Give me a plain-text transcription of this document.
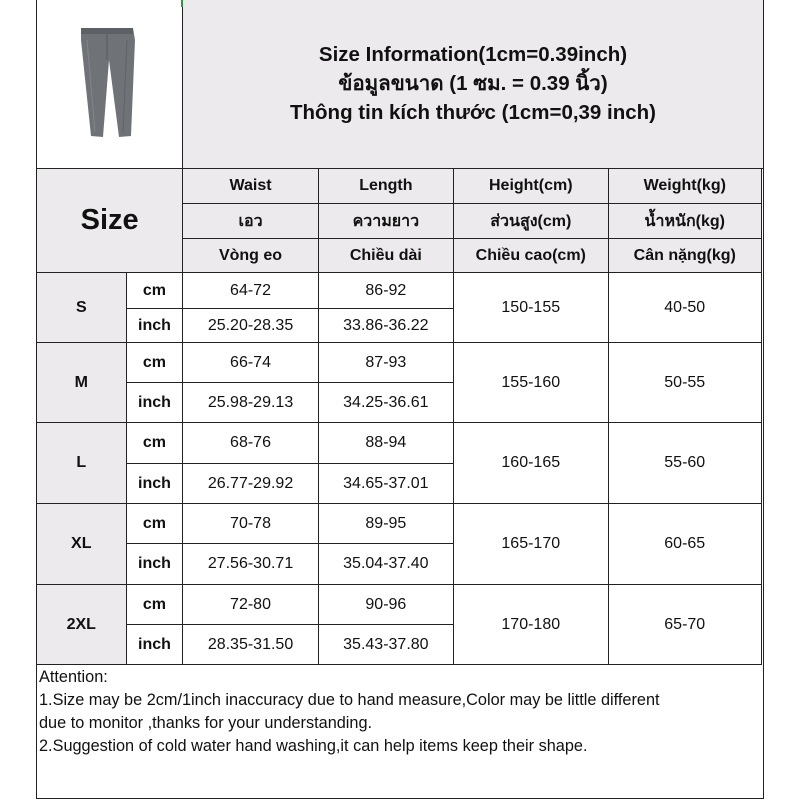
Size Information(1cm=0.39inch)
ข้อมูลขนาด (1 ซม. = 0.39 นิ้ว)
Thông tin kích thước (1cm=0,39 inch)
Size		Waist	Length	Height(cm)	Weight(kg)
		เอว	ความยาว	ส่วนสูง(cm)	น้ำหนัก(kg)
		Vòng eo	Chiều dài	Chiều cao(cm)	Cân nặng(kg)
S	cm	64-72	86-92	150-155	40-50
	inch	25.20-28.35	33.86-36.22		
M	cm	66-74	87-93	155-160	50-55
	inch	25.98-29.13	34.25-36.61		
L	cm	68-76	88-94	160-165	55-60
	inch	26.77-29.92	34.65-37.01		
XL	cm	70-78	89-95	165-170	60-65
	inch	27.56-30.71	35.04-37.40		
2XL	cm	72-80	90-96	170-180	65-70
	inch	28.35-31.50	35.43-37.80		
Attention:
1.Size may be 2cm/1inch inaccuracy due to hand measure,Color may be little different
due to monitor ,thanks for your understanding.
2.Suggestion of cold water hand washing,it can help items keep their shape.
